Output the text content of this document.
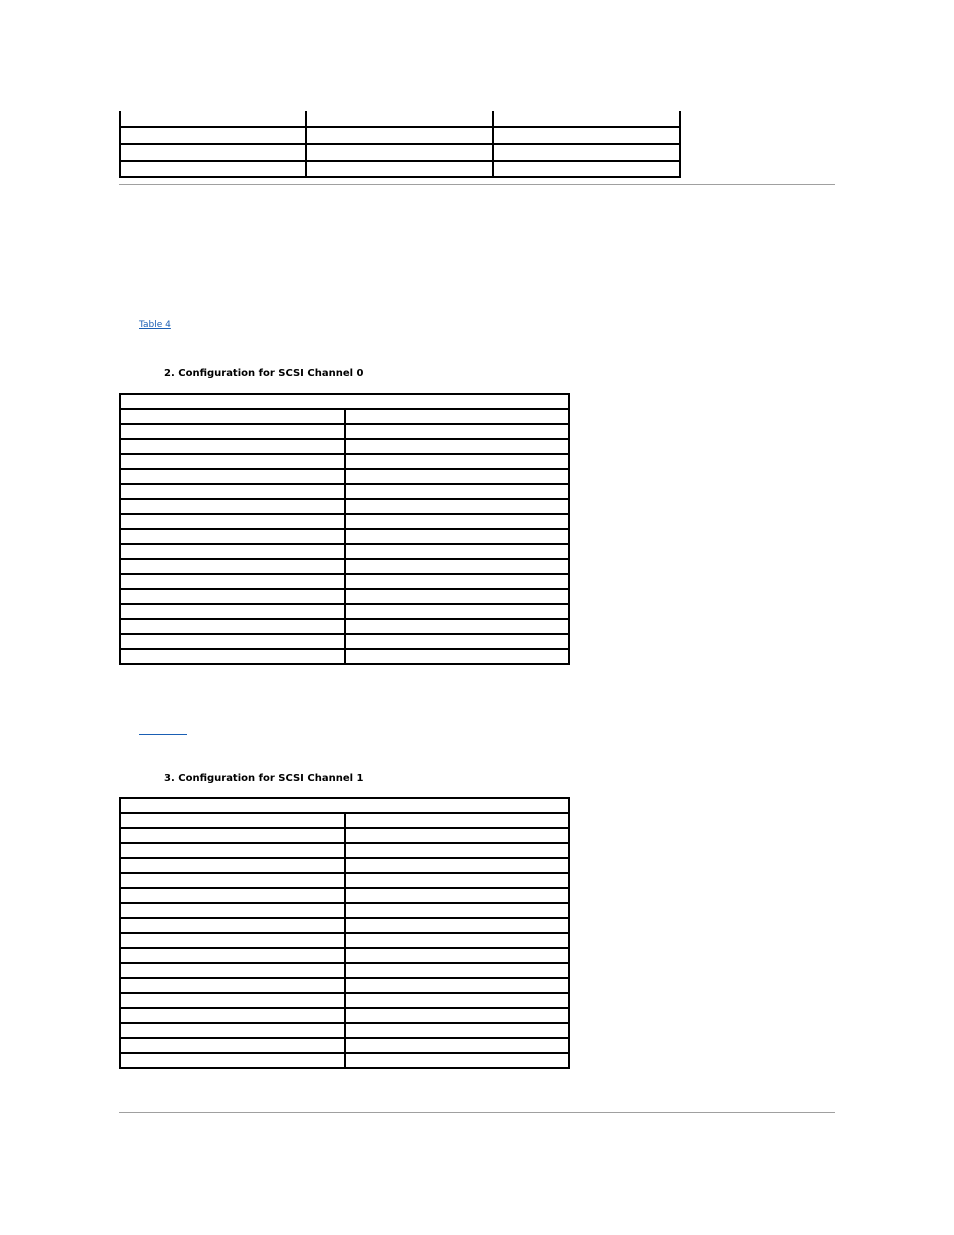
Table 4
2. Configuration for SCSI Channel 0

3. Configuration for SCSI Channel 1
